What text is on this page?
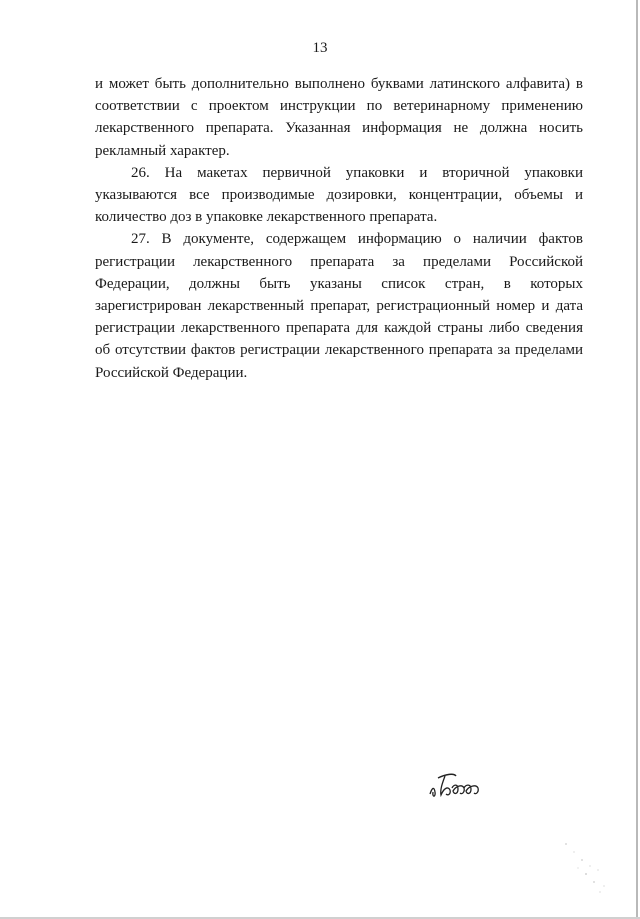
13

и может быть дополнительно выполнено буквами латинского алфавита) в соответствии с проектом инструкции по ветеринарному применению лекарственного препарата. Указанная информация не должна носить рекламный характер.

26. На макетах первичной упаковки и вторичной упаковки указываются все производимые дозировки, концентрации, объемы и количество доз в упаковке лекарственного препарата.

27. В документе, содержащем информацию о наличии фактов регистрации лекарственного препарата за пределами Российской Федерации, должны быть указаны список стран, в которых зарегистрирован лекарственный препарат, регистрационный номер и дата регистрации лекарственного препарата для каждой страны либо сведения об отсутствии фактов регистрации лекарственного препарата за пределами Российской Федерации.
